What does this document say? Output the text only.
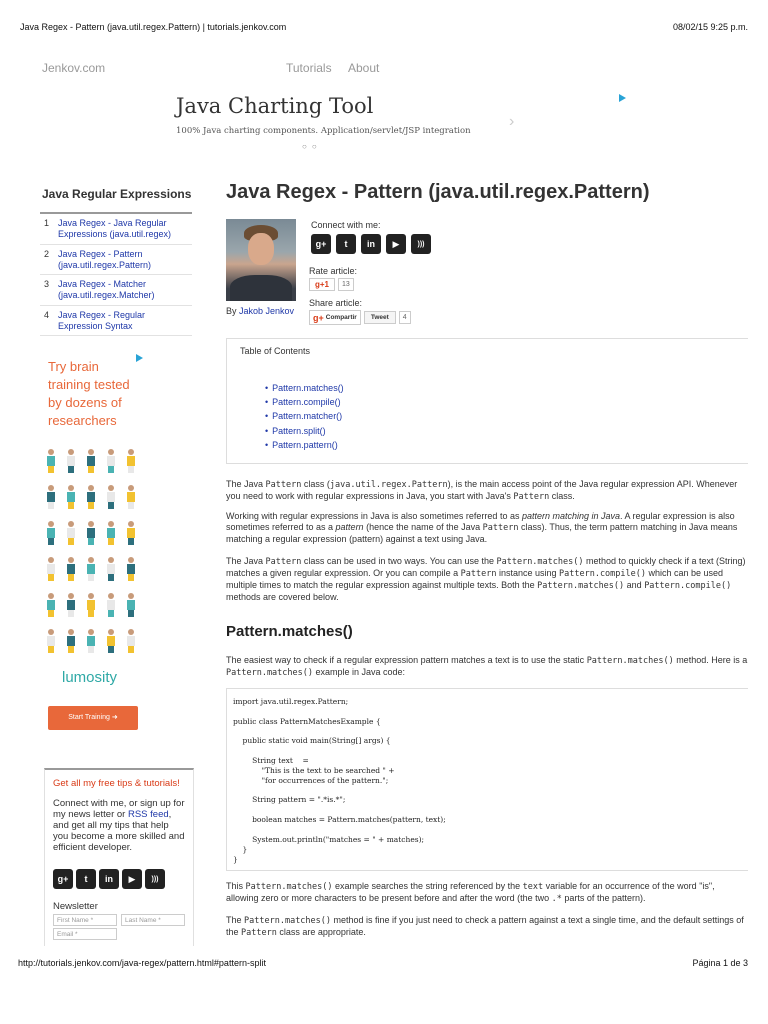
Java Regex - Pattern (java.util.regex.Pattern) | tutorials.jenkov.com	08/02/15 9:25 p.m.
Jenkov.com	Tutorials About
Java Charting Tool
100% Java charting components. Application/servlet/JSP integration
›
○○
Java Regular Expressions
1 Java Regex - Java Regular Expressions (java.util.regex)
2 Java Regex - Pattern (java.util.regex.Pattern)
3 Java Regex - Matcher (java.util.regex.Matcher)
4 Java Regex - Regular Expression Syntax
Try brain training tested by dozens of researchers
lumosity
Start Training ➜
Get all my free tips & tutorials!
Connect with me, or sign up for my news letter or RSS feed, and get all my tips that help you become a more skilled and efficient developer.
g+	t	in	▶	)))
Newsletter
First Name *	Last Name *
Email *
Java Regex - Pattern (java.util.regex.Pattern)
By Jakob Jenkov
Connect with me:
g+	t	in	▶	)))
Rate article:
g+1	13
Share article:
g+ Compartir	Tweet	4
Table of Contents
• Pattern.matches()
• Pattern.compile()
• Pattern.matcher()
• Pattern.split()
• Pattern.pattern()

The Java Pattern class (java.util.regex.Pattern), is the main access point of the Java regular expression API. Whenever you need to work with regular expressions in Java, you start with Java's Pattern class.

Working with regular expressions in Java is also sometimes referred to as pattern matching in Java. A regular expression is also sometimes referred to as a pattern (hence the name of the Java Pattern class). Thus, the term pattern matching in Java means matching a regular expression (pattern) against a text using Java.

The Java Pattern class can be used in two ways. You can use the Pattern.matches() method to quickly check if a text (String) matches a given regular expression. Or you can compile a Pattern instance using Pattern.compile() which can be used multiple times to match the regular expression against multiple texts. Both the Pattern.matches() and Pattern.compile() methods are covered below.

Pattern.matches()

The easiest way to check if a regular expression pattern matches a text is to use the static Pattern.matches() method. Here is a Pattern.matches() example in Java code:

import java.util.regex.Pattern;

public class PatternMatchesExample {

public static void main(String[] args) {

String text    =
"This is the text to be searched " +
"for occurrences of the pattern.";

String pattern = ".*is.*";

boolean matches = Pattern.matches(pattern, text);

System.out.println("matches = " + matches);
}
}

This Pattern.matches() example searches the string referenced by the text variable for an occurrence of the word "is", allowing zero or more characters to be present before and after the word (the two .* parts of the pattern).

The Pattern.matches() method is fine if you just need to check a pattern against a text a single time, and the default settings of the Pattern class are appropriate.

http://tutorials.jenkov.com/java-regex/pattern.html#pattern-split	Página 1 de 3
